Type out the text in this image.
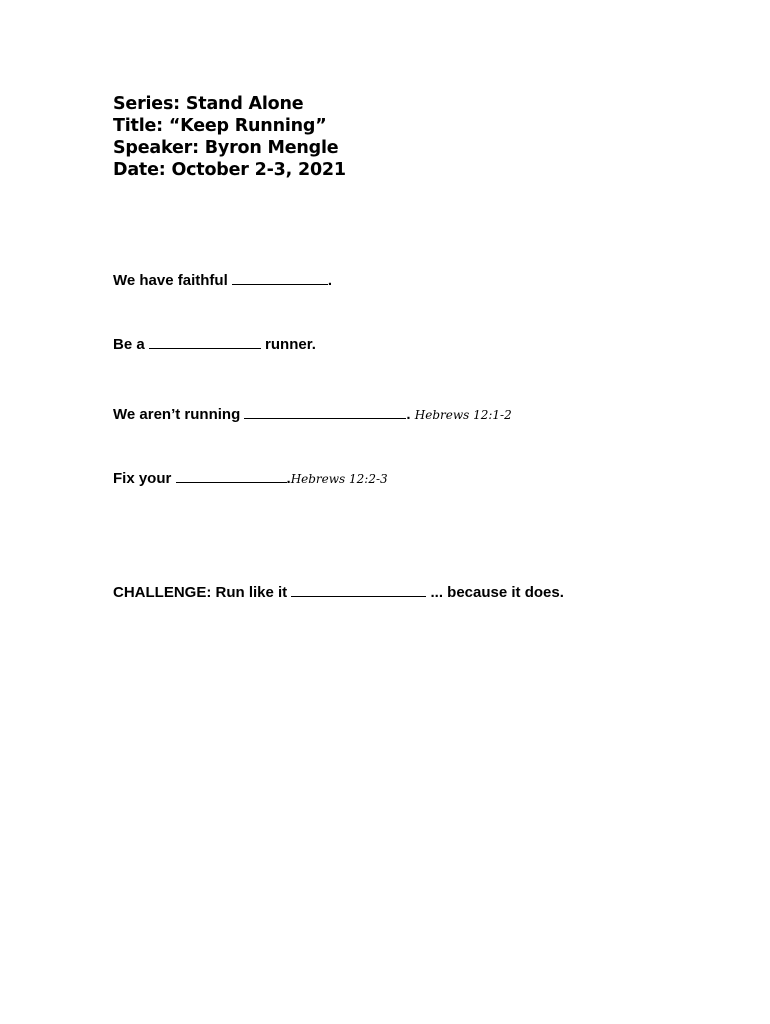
Series: Stand Alone
Title: “Keep Running”
Speaker: Byron Mengle
Date: October 2-3, 2021
We have faithful	.
Be a	runner.
We aren’t running	. Hebrews 12:1-2
Fix your	.Hebrews 12:2-3
CHALLENGE: Run like it	... because it does.
